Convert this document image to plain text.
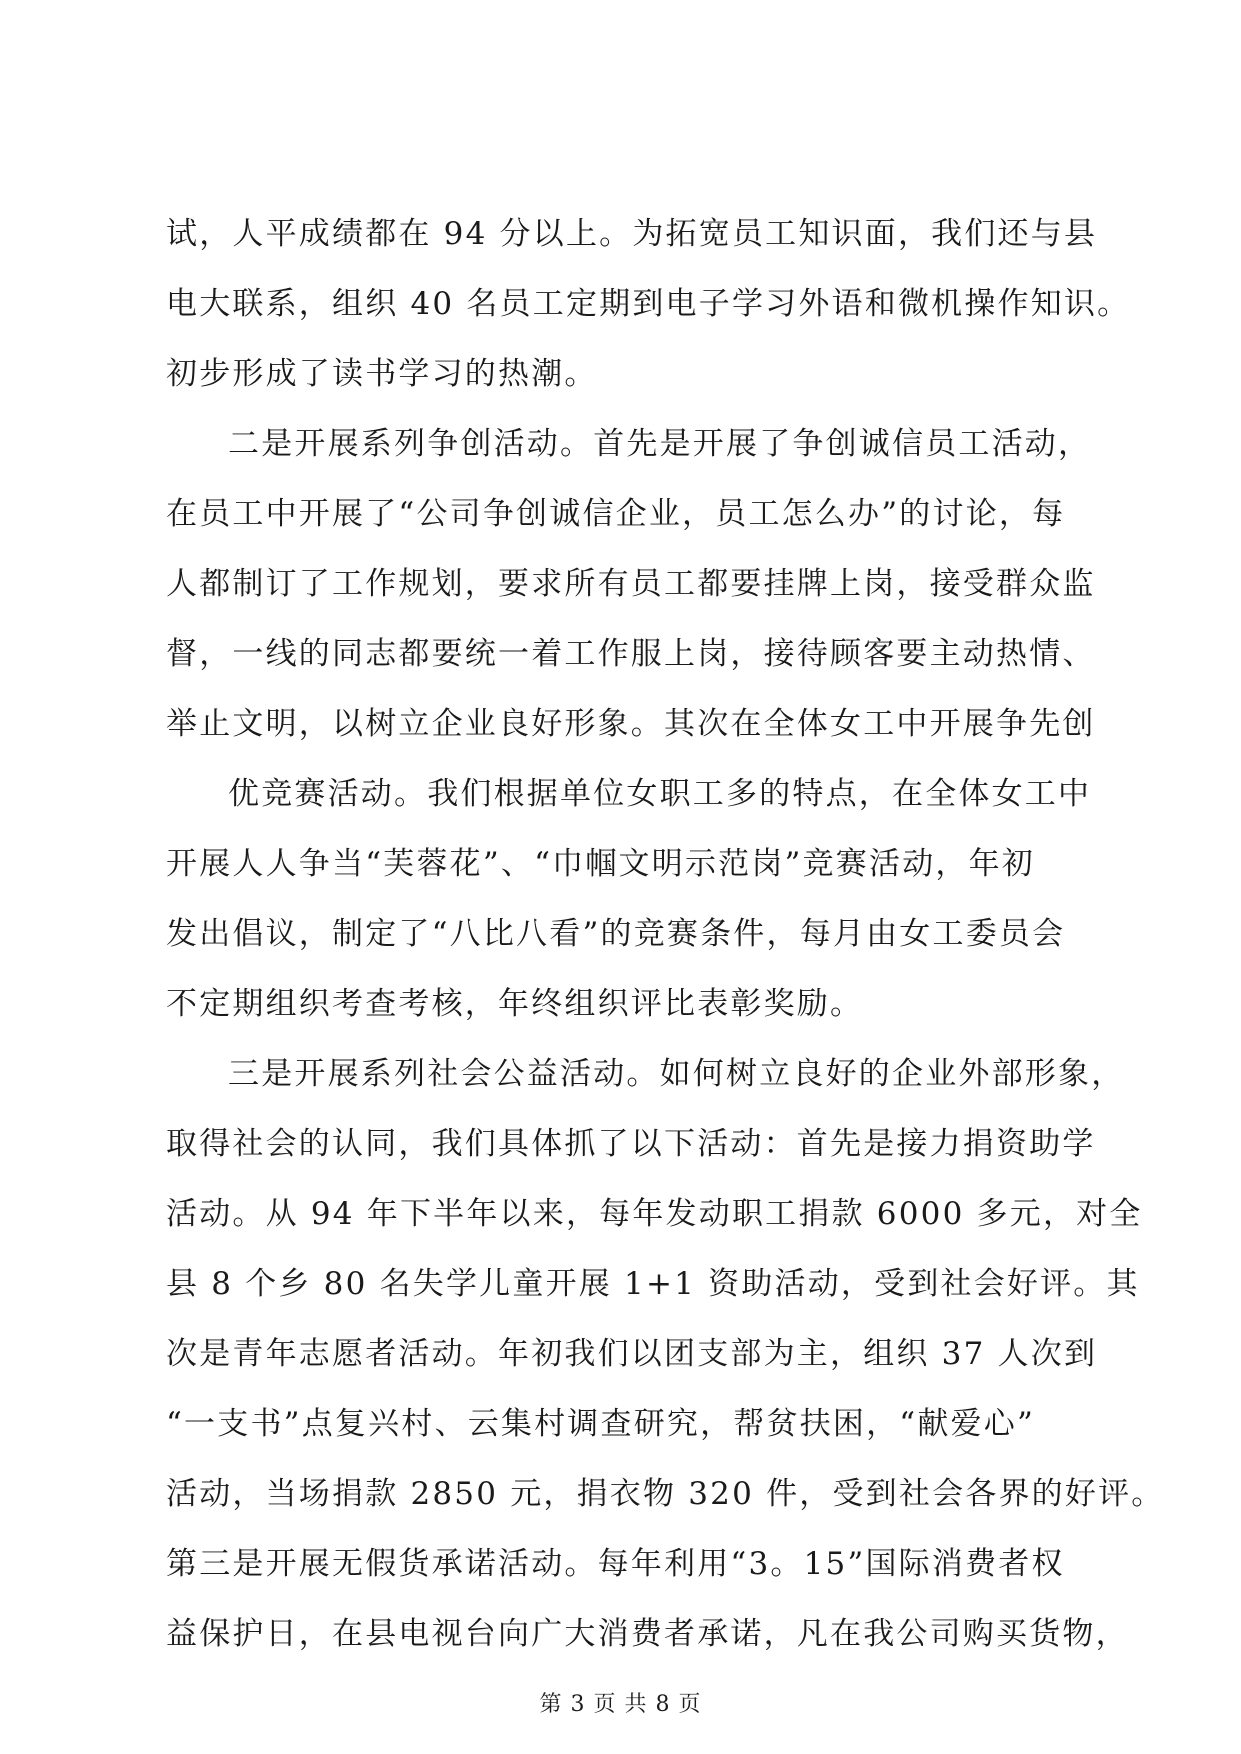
试，人平成绩都在 94 分以上。为拓宽员工知识面，我们还与县
电大联系，组织 40 名员工定期到电子学习外语和微机操作知识。
初步形成了读书学习的热潮。
二是开展系列争创活动。首先是开展了争创诚信员工活动，
在员工中开展了“公司争创诚信企业，员工怎么办”的讨论，每
人都制订了工作规划，要求所有员工都要挂牌上岗，接受群众监
督，一线的同志都要统一着工作服上岗，接待顾客要主动热情、
举止文明，以树立企业良好形象。其次在全体女工中开展争先创
优竞赛活动。我们根据单位女职工多的特点，在全体女工中
开展人人争当“芙蓉花”、“巾帼文明示范岗”竞赛活动，年初
发出倡议，制定了“八比八看”的竞赛条件，每月由女工委员会
不定期组织考查考核，年终组织评比表彰奖励。
三是开展系列社会公益活动。如何树立良好的企业外部形象，
取得社会的认同，我们具体抓了以下活动：首先是接力捐资助学
活动。从 94 年下半年以来，每年发动职工捐款 6000 多元，对全
县 8 个乡 80 名失学儿童开展 1+1 资助活动，受到社会好评。其
次是青年志愿者活动。年初我们以团支部为主，组织 37 人次到
“一支书”点复兴村、云集村调查研究，帮贫扶困，“献爱心”
活动，当场捐款 2850 元，捐衣物 320 件，受到社会各界的好评。
第三是开展无假货承诺活动。每年利用“3。15”国际消费者权
益保护日，在县电视台向广大消费者承诺，凡在我公司购买货物，
第 3 页 共 8 页
